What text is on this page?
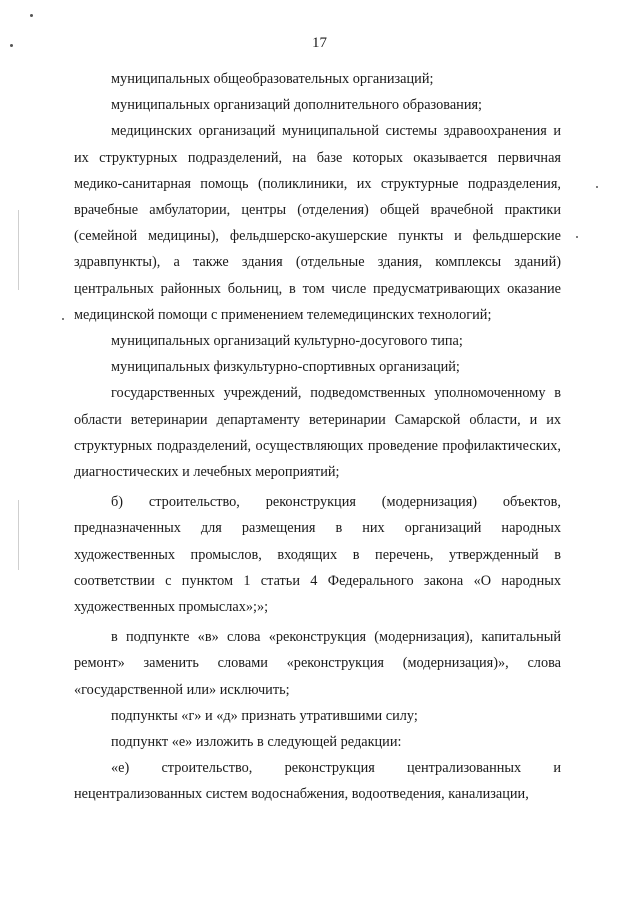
17

муниципальных общеобразовательных организаций;

муниципальных организаций дополнительного образования;

медицинских организаций муниципальной системы здравоохранения и их структурных подразделений, на базе которых оказывается первичная медико-санитарная помощь (поликлиники, их структурные подразделения, врачебные амбулатории, центры (отделения) общей врачебной практики (семейной медицины), фельдшерско-акушерские пункты и фельдшерские здравпункты), а также здания (отдельные здания, комплексы зданий) центральных районных больниц, в том числе предусматривающих оказание медицинской помощи с применением телемедицинских технологий;

муниципальных организаций культурно-досугового типа;

муниципальных физкультурно-спортивных организаций;

государственных учреждений, подведомственных уполномоченному в области ветеринарии департаменту ветеринарии Самарской области, и их структурных подразделений, осуществляющих проведение профилактических, диагностических и лечебных мероприятий;

б) строительство, реконструкция (модернизация) объектов, предназначенных для размещения в них организаций народных художественных промыслов, входящих в перечень, утвержденный в соответствии с пунктом 1 статьи 4 Федерального закона «О народных художественных промыслах»;»;

в подпункте «в» слова «реконструкция (модернизация), капитальный ремонт» заменить словами «реконструкция (модернизация)», слова «государственной или» исключить;

подпункты «г» и «д» признать утратившими силу;

подпункт «е» изложить в следующей редакции:

«е) строительство, реконструкция централизованных и нецентрализованных систем водоснабжения, водоотведения, канализации,
